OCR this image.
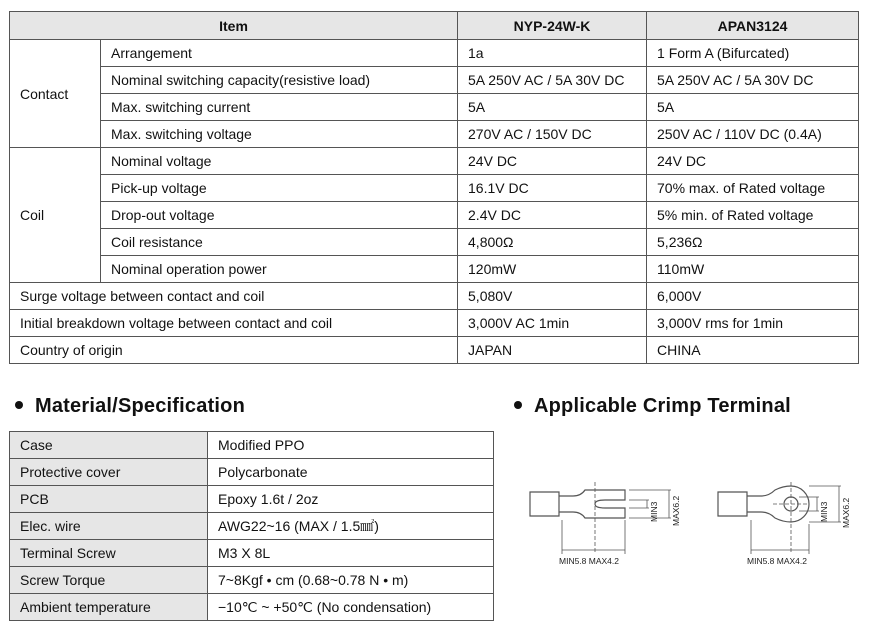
Item		NYP-24W-K	APAN3124
Contact	Arrangement	1a	1 Form A (Bifurcated)
	Nominal switching capacity(resistive load)	5A 250V AC / 5A 30V DC	5A 250V AC / 5A 30V DC
	Max. switching current	5A	5A
	Max. switching voltage	270V AC / 150V DC	250V AC / 110V DC (0.4A)
Coil	Nominal voltage	24V DC	24V DC
	Pick-up voltage	16.1V DC	70% max. of Rated voltage
	Drop-out voltage	2.4V DC	5% min. of Rated voltage
	Coil resistance	4,800Ω	5,236Ω
	Nominal operation power	120mW	110mW
Surge voltage between contact and coil		5,080V	6,000V
Initial breakdown voltage between contact and coil		3,000V AC 1min	3,000V rms for 1min
Country of origin		JAPAN	CHINA
Material/Specification	Applicable Crimp Terminal
Case	Modified PPO
Protective cover	Polycarbonate
PCB	Epoxy 1.6t / 2oz
Elec. wire	AWG22~16 (MAX / 1.5㎟)
Terminal Screw	M3 X 8L
Screw Torque	7~8Kgf • cm (0.68~0.78 N • m)
Ambient temperature	−10℃ ~ +50℃ (No condensation)
MIN3 MAX6.2
MIN5.8 MAX4.2
MIN3 MAX6.2
MIN5.8 MAX4.2
